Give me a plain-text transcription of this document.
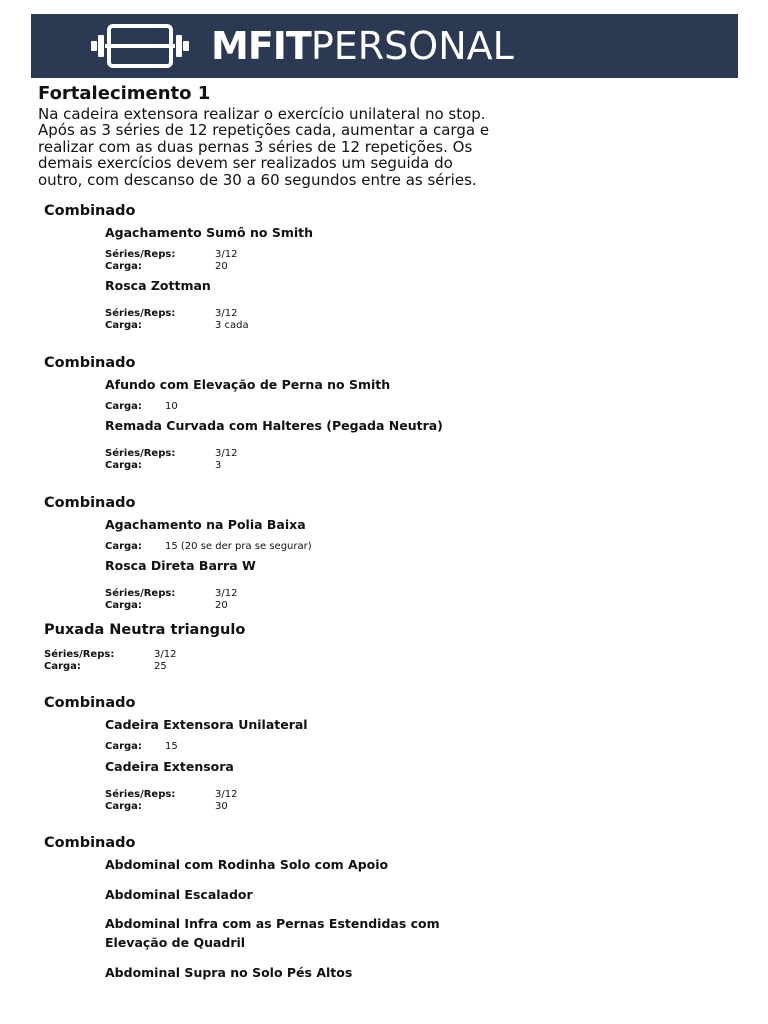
MFITPERSONAL
Fortalecimento 1
Na cadeira extensora realizar o exercício unilateral no stop.
Após as 3 séries de 12 repetições cada, aumentar a carga e
realizar com as duas pernas 3 séries de 12 repetições. Os
demais exercícios devem ser realizados um seguida do
outro, com descanso de 30 a 60 segundos entre as séries.
Combinado
Agachamento Sumô no Smith
Séries/Reps:	3/12
Carga:	20
Rosca Zottman
Séries/Reps:	3/12
Carga:	3 cada
Combinado
Afundo com Elevação de Perna no Smith
Carga: 10
Remada Curvada com Halteres (Pegada Neutra)
Séries/Reps:	3/12
Carga:	3
Combinado
Agachamento na Polia Baixa
Carga: 15 (20 se der pra se segurar)
Rosca Direta Barra W
Séries/Reps:	3/12
Carga:	20
Puxada Neutra triangulo
Séries/Reps:	3/12
Carga:	25
Combinado
Cadeira Extensora Unilateral
Carga: 15
Cadeira Extensora
Séries/Reps:	3/12
Carga:	30
Combinado
Abdominal com Rodinha Solo com Apoio
Abdominal Escalador
Abdominal Infra com as Pernas Estendidas com
Elevação de Quadril
Abdominal Supra no Solo Pés Altos
